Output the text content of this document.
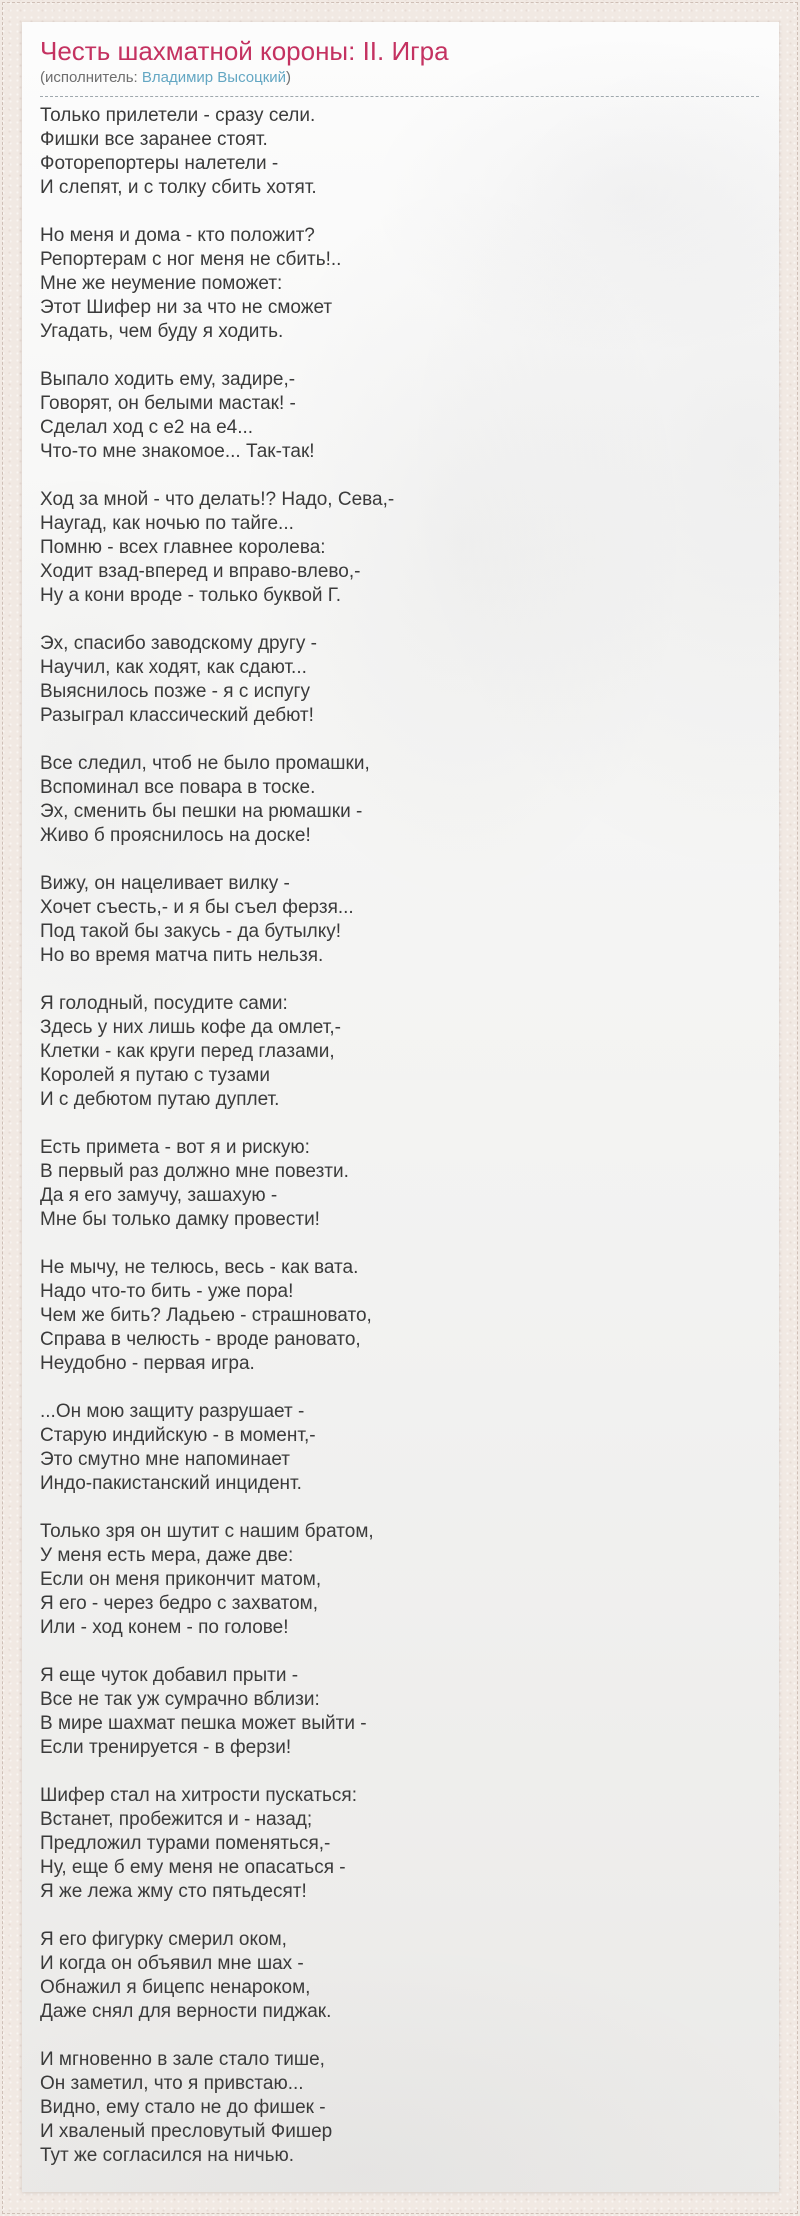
Честь шахматной короны: II. Игра
(исполнитель: Владимир Высоцкий)
Только прилетели - сразу сели.
Фишки все заранее стоят.
Фоторепортеры налетели -
И слепят, и с толку сбить хотят.
Но меня и дома - кто положит?
Репортерам с ног меня не сбить!..
Мне же неумение поможет:
Этот Шифер ни за что не сможет
Угадать, чем буду я ходить.
Выпало ходить ему, задире,-
Говорят, он белыми мастак! -
Сделал ход с е2 на е4...
Что-то мне знакомое... Так-так!
Ход за мной - что делать!? Надо, Сева,-
Наугад, как ночью по тайге...
Помню - всех главнее королева:
Ходит взад-вперед и вправо-влево,-
Ну а кони вроде - только буквой Г.
Эх, спасибо заводскому другу -
Научил, как ходят, как сдают...
Выяснилось позже - я с испугу
Разыграл классический дебют!
Все следил, чтоб не было промашки,
Вспоминал все повара в тоске.
Эх, сменить бы пешки на рюмашки -
Живо б прояснилось на доске!
Вижу, он нацеливает вилку -
Хочет съесть,- и я бы съел ферзя...
Под такой бы закусь - да бутылку!
Но во время матча пить нельзя.
Я голодный, посудите сами:
Здесь у них лишь кофе да омлет,-
Клетки - как круги перед глазами,
Королей я путаю с тузами
И с дебютом путаю дуплет.
Есть примета - вот я и рискую:
В первый раз должно мне повезти.
Да я его замучу, зашахую -
Мне бы только дамку провести!
Не мычу, не телюсь, весь - как вата.
Надо что-то бить - уже пора!
Чем же бить? Ладьею - страшновато,
Справа в челюсть - вроде рановато,
Неудобно - первая игра.
...Он мою защиту разрушает -
Старую индийскую - в момент,-
Это смутно мне напоминает
Индо-пакистанский инцидент.
Только зря он шутит с нашим братом,
У меня есть мера, даже две:
Если он меня прикончит матом,
Я его - через бедро с захватом,
Или - ход конем - по голове!
Я еще чуток добавил прыти -
Все не так уж сумрачно вблизи:
В мире шахмат пешка может выйти -
Если тренируется - в ферзи!
Шифер стал на хитрости пускаться:
Встанет, пробежится и - назад;
Предложил турами поменяться,-
Ну, еще б ему меня не опасаться -
Я же лежа жму сто пятьдесят!
Я его фигурку смерил оком,
И когда он объявил мне шах -
Обнажил я бицепс ненароком,
Даже снял для верности пиджак.
И мгновенно в зале стало тише,
Он заметил, что я привстаю...
Видно, ему стало не до фишек -
И хваленый пресловутый Фишер
Тут же согласился на ничью.
